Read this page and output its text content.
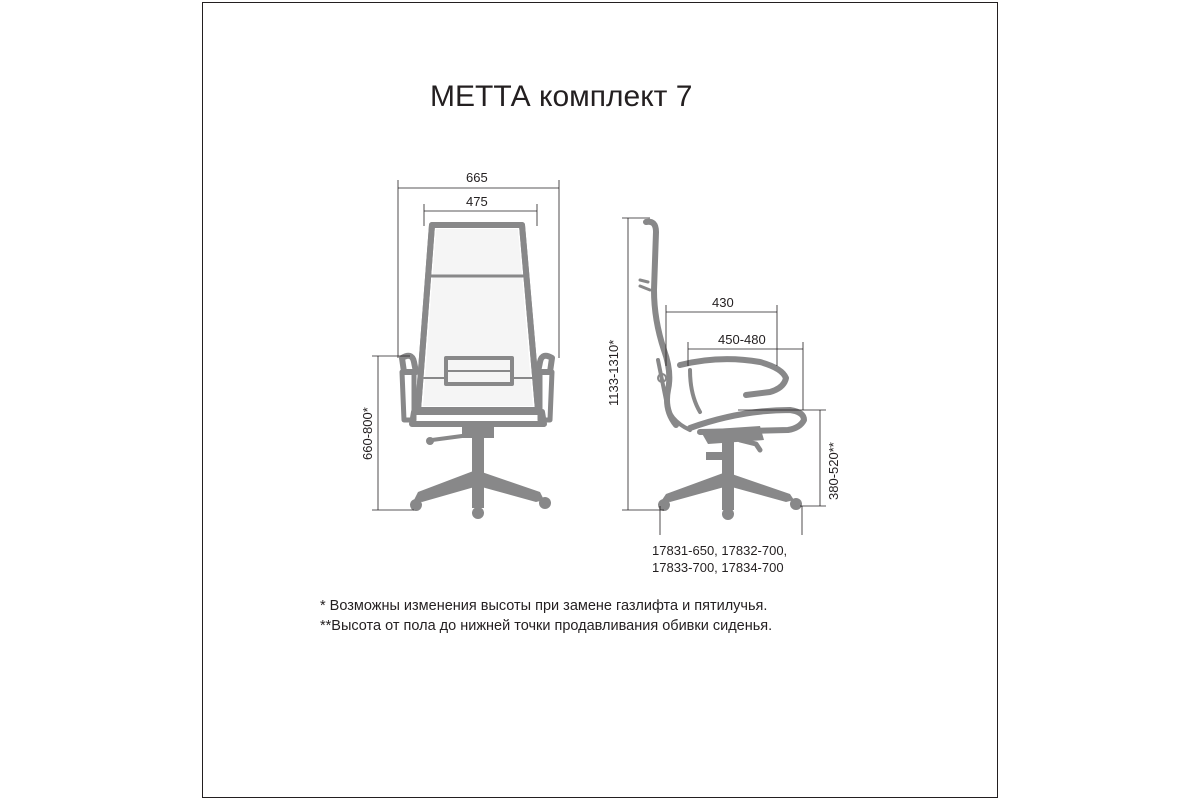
МЕТТА комплект 7
665
475
660-800*
1133-1310*
430
450-480
380-520**
17831-650, 17832-700,
17833-700, 17834-700
* Возможны изменения высоты при замене газлифта и пятилучья.
**Высота от пола до нижней точки продавливания обивки сиденья.
